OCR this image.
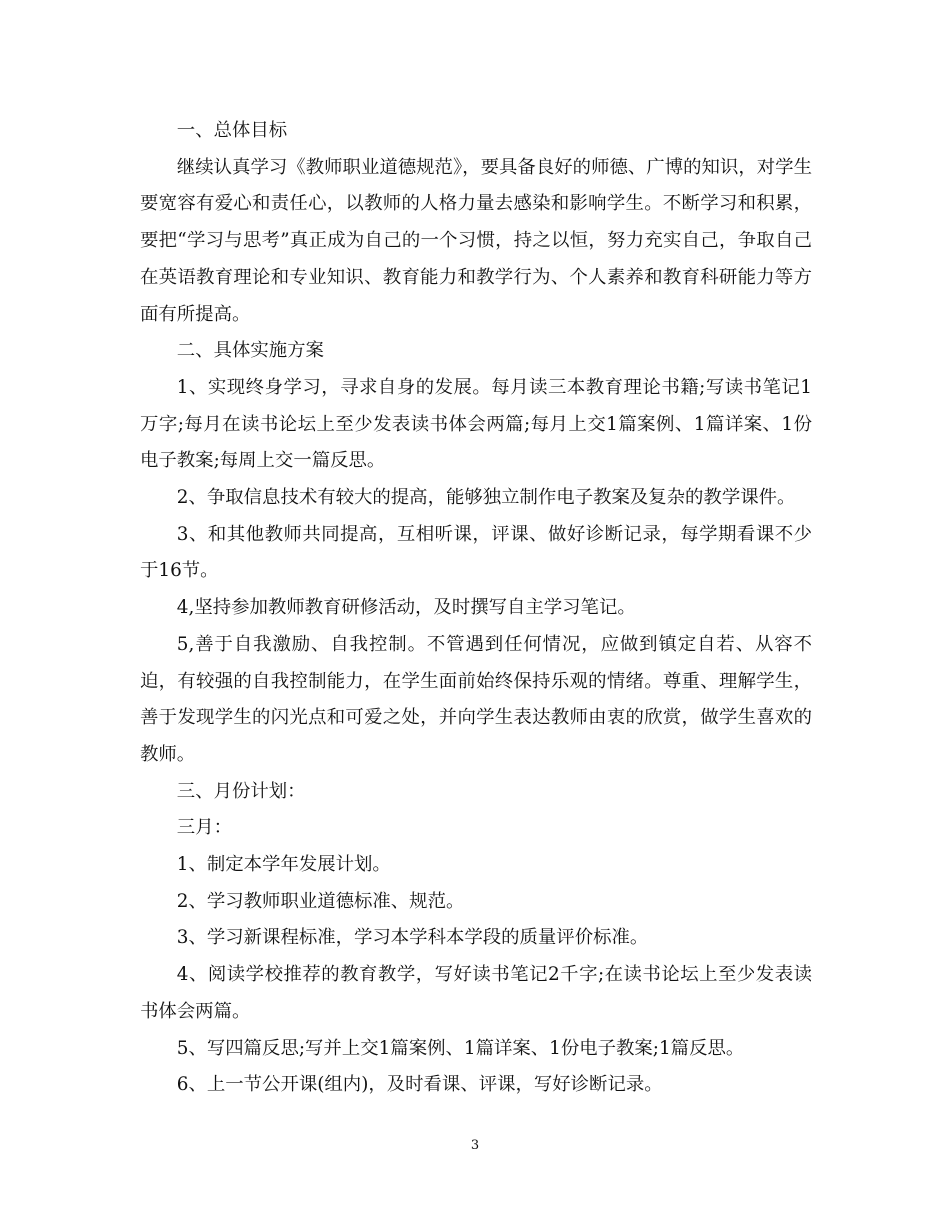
一、总体目标

继续认真学习《教师职业道德规范》，要具备良好的师德、广博的知识，对学生要宽容有爱心和责任心，以教师的人格力量去感染和影响学生。不断学习和积累，要把“学习与思考”真正成为自己的一个习惯，持之以恒，努力充实自己，争取自己在英语教育理论和专业知识、教育能力和教学行为、个人素养和教育科研能力等方面有所提高。

二、具体实施方案

1、实现终身学习，寻求自身的发展。每月读三本教育理论书籍;写读书笔记1万字;每月在读书论坛上至少发表读书体会两篇;每月上交1篇案例、1篇详案、1份电子教案;每周上交一篇反思。

2、争取信息技术有较大的提高，能够独立制作电子教案及复杂的教学课件。

3、和其他教师共同提高，互相听课，评课、做好诊断记录，每学期看课不少于16节。

4,坚持参加教师教育研修活动，及时撰写自主学习笔记。

5,善于自我激励、自我控制。不管遇到任何情况，应做到镇定自若、从容不迫，有较强的自我控制能力，在学生面前始终保持乐观的情绪。尊重、理解学生，善于发现学生的闪光点和可爱之处，并向学生表达教师由衷的欣赏，做学生喜欢的教师。

三、月份计划：

三月：

1、制定本学年发展计划。

2、学习教师职业道德标准、规范。

3、学习新课程标准，学习本学科本学段的质量评价标准。

4、阅读学校推荐的教育教学，写好读书笔记2千字;在读书论坛上至少发表读书体会两篇。

5、写四篇反思;写并上交1篇案例、1篇详案、1份电子教案;1篇反思。

6、上一节公开课(组内)，及时看课、评课，写好诊断记录。

3
